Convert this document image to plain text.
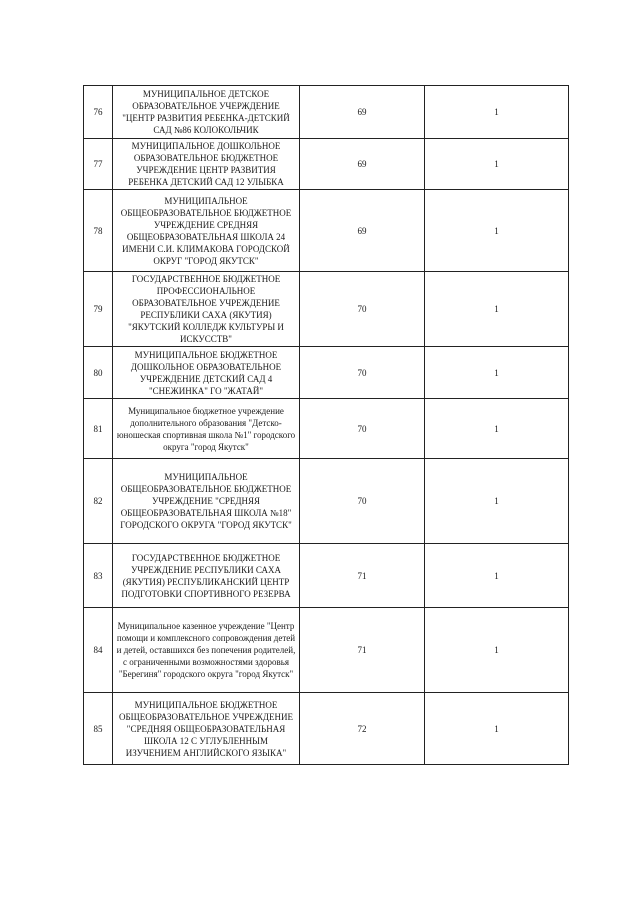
76	МУНИЦИПАЛЬНОЕ ДЕТСКОЕ ОБРАЗОВАТЕЛЬНОЕ УЧЕРЖДЕНИЕ "ЦЕНТР РАЗВИТИЯ РЕБЕНКА-ДЕТСКИЙ САД №86 КОЛОКОЛЬЧИК	69	1
77	МУНИЦИПАЛЬНОЕ ДОШКОЛЬНОЕ ОБРАЗОВАТЕЛЬНОЕ БЮДЖЕТНОЕ УЧРЕЖДЕНИЕ ЦЕНТР РАЗВИТИЯ РЕБЕНКА ДЕТСКИЙ САД 12 УЛЫБКА	69	1
78	МУНИЦИПАЛЬНОЕ ОБЩЕОБРАЗОВАТЕЛЬНОЕ БЮДЖЕТНОЕ УЧРЕЖДЕНИЕ СРЕДНЯЯ ОБЩЕОБРАЗОВАТЕЛЬНАЯ ШКОЛА 24 ИМЕНИ С.И. КЛИМАКОВА ГОРОДСКОЙ ОКРУГ "ГОРОД ЯКУТСК"	69	1
79	ГОСУДАРСТВЕННОЕ БЮДЖЕТНОЕ ПРОФЕССИОНАЛЬНОЕ ОБРАЗОВАТЕЛЬНОЕ УЧРЕЖДЕНИЕ РЕСПУБЛИКИ САХА (ЯКУТИЯ) "ЯКУТСКИЙ КОЛЛЕДЖ КУЛЬТУРЫ И ИСКУССТВ"	70	1
80	МУНИЦИПАЛЬНОЕ БЮДЖЕТНОЕ ДОШКОЛЬНОЕ ОБРАЗОВАТЕЛЬНОЕ УЧРЕЖДЕНИЕ ДЕТСКИЙ САД 4 "СНЕЖИНКА" ГО "ЖАТАЙ"	70	1
81	Муниципальное бюджетное учреждение дополнительного образования "Детско-юношеская спортивная школа №1" городского округа "город Якутск"	70	1
82	МУНИЦИПАЛЬНОЕ ОБЩЕОБРАЗОВАТЕЛЬНОЕ БЮДЖЕТНОЕ УЧРЕЖДЕНИЕ "СРЕДНЯЯ ОБЩЕОБРАЗОВАТЕЛЬНАЯ ШКОЛА №18" ГОРОДСКОГО ОКРУГА "ГОРОД ЯКУТСК"	70	1
83	ГОСУДАРСТВЕННОЕ БЮДЖЕТНОЕ УЧРЕЖДЕНИЕ РЕСПУБЛИКИ САХА (ЯКУТИЯ) РЕСПУБЛИКАНСКИЙ ЦЕНТР ПОДГОТОВКИ СПОРТИВНОГО РЕЗЕРВА	71	1
84	Муниципальное казенное учреждение "Центр помощи и комплексного сопровождения детей и детей, оставшихся без попечения родителей, с ограниченными возможностями здоровья "Берегиня" городского округа "город Якутск"	71	1
85	МУНИЦИПАЛЬНОЕ БЮДЖЕТНОЕ ОБЩЕОБРАЗОВАТЕЛЬНОЕ УЧРЕЖДЕНИЕ "СРЕДНЯЯ ОБЩЕОБРАЗОВАТЕЛЬНАЯ ШКОЛА 12 С УГЛУБЛЕННЫМ ИЗУЧЕНИЕМ АНГЛИЙСКОГО ЯЗЫКА"	72	1
